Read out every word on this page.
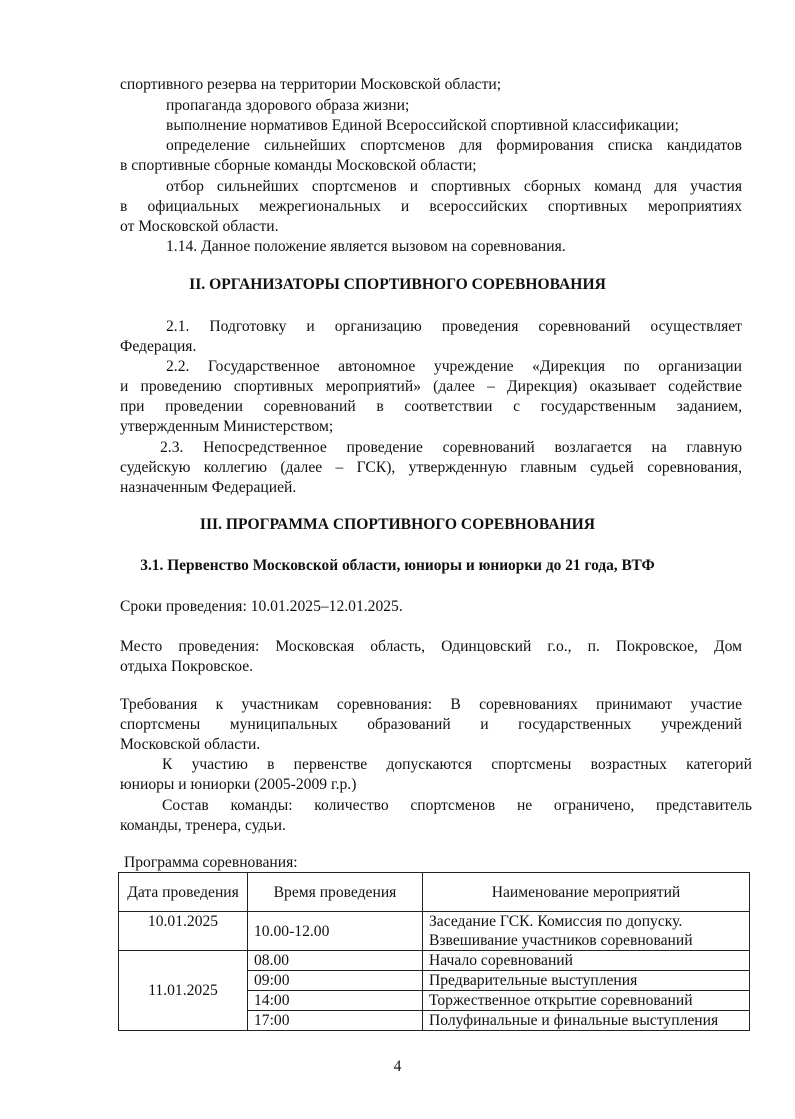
спортивного резерва на территории Московской области;
пропаганда здорового образа жизни;
выполнение нормативов Единой Всероссийской спортивной классификации;
определение сильнейших спортсменов для формирования списка кандидатов
в спортивные сборные команды Московской области;
отбор сильнейших спортсменов и спортивных сборных команд для участия
в официальных межрегиональных и всероссийских спортивных мероприятиях
от Московской области.
1.14. Данное положение является вызовом на соревнования.
II. ОРГАНИЗАТОРЫ СПОРТИВНОГО СОРЕВНОВАНИЯ
2.1. Подготовку и организацию проведения соревнований осуществляет
Федерация.
2.2. Государственное автономное учреждение «Дирекция по организации
и проведению спортивных мероприятий» (далее – Дирекция) оказывает содействие
при проведении соревнований в соответствии с государственным заданием,
утвержденным Министерством;
2.3. Непосредственное проведение соревнований возлагается на главную
судейскую коллегию (далее – ГСК), утвержденную главным судьей соревнования,
назначенным Федерацией.
III. ПРОГРАММА СПОРТИВНОГО СОРЕВНОВАНИЯ
3.1. Первенство Московской области, юниоры и юниорки до 21 года, ВТФ
Сроки проведения: 10.01.2025–12.01.2025.
Место проведения: Московская область, Одинцовский г.о., п. Покровское, Дом
отдыха Покровское.
Требования к участникам соревнования: В соревнованиях принимают участие
спортсмены муниципальных образований и государственных учреждений
Московской области.
К участию в первенстве допускаются спортсмены возрастных категорий
юниоры и юниорки (2005-2009 г.р.)
Состав команды: количество спортсменов не ограничено, представитель
команды, тренера, судьи.
Программа соревнования:
Дата проведения	Время проведения	Наименование мероприятий
10.01.2025	10.00-12.00	Заседание ГСК. Комиссия по допуску. Взвешивание участников соревнований
11.01.2025	08.00	Начало соревнований
	09:00	Предварительные выступления
	14:00	Торжественное открытие соревнований
	17:00	Полуфинальные и финальные выступления
4
